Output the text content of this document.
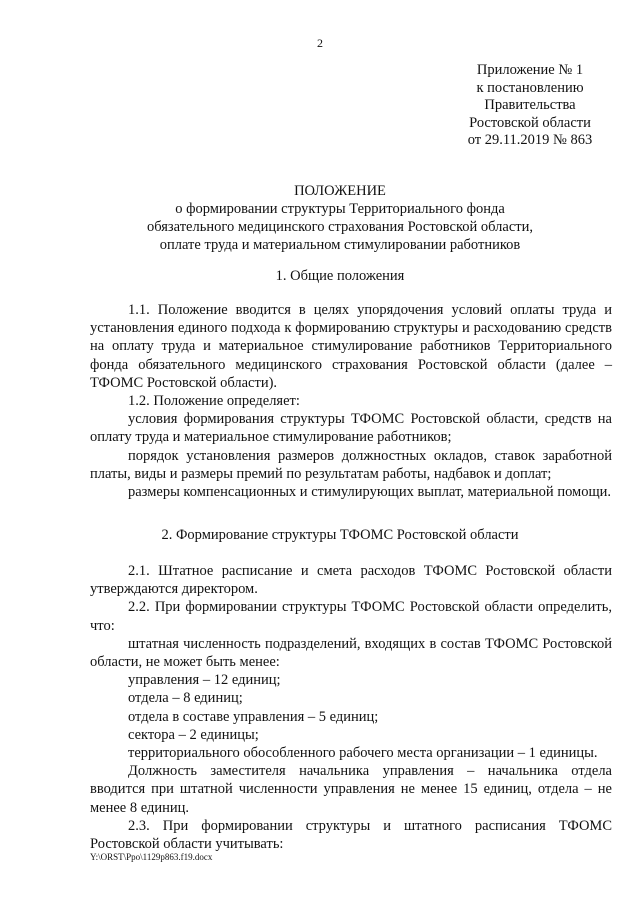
2
Приложение № 1
к постановлению
Правительства
Ростовской области
от 29.11.2019 № 863
ПОЛОЖЕНИЕ
о формировании структуры Территориального фонда
обязательного медицинского страхования Ростовской области,
оплате труда и материальном стимулировании работников
1. Общие положения

1.1. Положение вводится в целях упорядочения условий оплаты труда и установления единого подхода к формированию структуры и расходованию средств на оплату труда и материальное стимулирование работников Территориального фонда обязательного медицинского страхования Ростовской области (далее – ТФОМС Ростовской области).

1.2. Положение определяет:

условия формирования структуры ТФОМС Ростовской области, средств на оплату труда и материальное стимулирование работников;

порядок установления размеров должностных окладов, ставок заработной платы, виды и размеры премий по результатам работы, надбавок и доплат;

размеры компенсационных и стимулирующих выплат, материальной помощи.

2. Формирование структуры ТФОМС Ростовской области

2.1. Штатное расписание и смета расходов ТФОМС Ростовской области утверждаются директором.

2.2. При формировании структуры ТФОМС Ростовской области определить, что:

штатная численность подразделений, входящих в состав ТФОМС Ростовской области, не может быть менее:

управления – 12 единиц;

отдела – 8 единиц;

отдела в составе управления – 5 единиц;

сектора – 2 единицы;

территориального обособленного рабочего места организации – 1 единицы.

Должность заместителя начальника управления – начальника отдела вводится при штатной численности управления не менее 15 единиц, отдела – не менее 8 единиц.

2.3. При формировании структуры и штатного расписания ТФОМС Ростовской области учитывать:

Y:\ORST\Ppo\1129p863.f19.docx
